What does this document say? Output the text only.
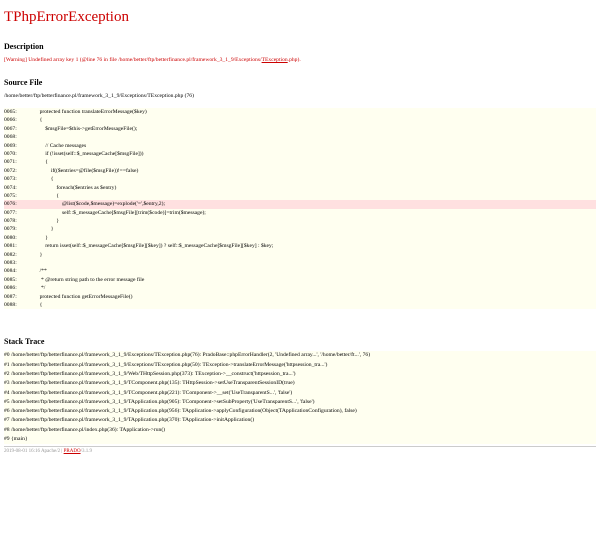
TPhpErrorException
Description

[Warning] Undefined array key 1 (@line 76 in file /home/better/ftp/betterfinance.pl/framework_3_1_9/Exceptions/TException.php).

Source File
/home/better/ftp/betterfinance.pl/framework_3_1_9/Exceptions/TException.php (76)
0065:	protected function translateErrorMessage($key)
0066:	{
0067:	$msgFile=$this->getErrorMessageFile();
0068:
0069:	// Cache messages
0070:	if (!isset(self::$_messageCache[$msgFile]))
0071:	{
0072:	if(($entries=@file($msgFile))!==false)
0073:	{
0074:	foreach($entries as $entry)
0075:	{
0076:	@list($code,$message)=explode('=',$entry,2);
0077:	self::$_messageCache[$msgFile][trim($code)]=trim($message);
0078:	}
0079:	}
0080:	}
0081:	return isset(self::$_messageCache[$msgFile][$key]) ? self::$_messageCache[$msgFile][$key] : $key;
0082:	}
0083:
0084:	/**
0085:	* @return string path to the error message file
0086:	*/
0087:	protected function getErrorMessageFile()
0088:	{
Stack Trace
#0 /home/better/ftp/betterfinance.pl/framework_3_1_9/Exceptions/TException.php(76): PradoBase::phpErrorHandler(2, 'Undefined array...', '/home/better/ft...', 76)
#1 /home/better/ftp/betterfinance.pl/framework_3_1_9/Exceptions/TException.php(50): TException->translateErrorMessage('httpsession_tra...')
#2 /home/better/ftp/betterfinance.pl/framework_3_1_9/Web/THttpSession.php(373): TException->__construct('httpsession_tra...')
#3 /home/better/ftp/betterfinance.pl/framework_3_1_9/TComponent.php(135): THttpSession->setUseTransparentSessionID(true)
#4 /home/better/ftp/betterfinance.pl/framework_3_1_9/TComponent.php(221): TComponent->__set('UseTransparentS...', 'false')
#5 /home/better/ftp/betterfinance.pl/framework_3_1_9/TApplication.php(905): TComponent->setSubProperty('UseTransparentS...', 'false')
#6 /home/better/ftp/betterfinance.pl/framework_3_1_9/TApplication.php(956): TApplication->applyConfiguration(Object(TApplicationConfiguration), false)
#7 /home/better/ftp/betterfinance.pl/framework_3_1_9/TApplication.php(370): TApplication->initApplication()
#8 /home/better/ftp/betterfinance.pl/index.php(36): TApplication->run()
#9 {main}
2019-08-01 16:16 Apache/2 | PRADO/3.1.9
